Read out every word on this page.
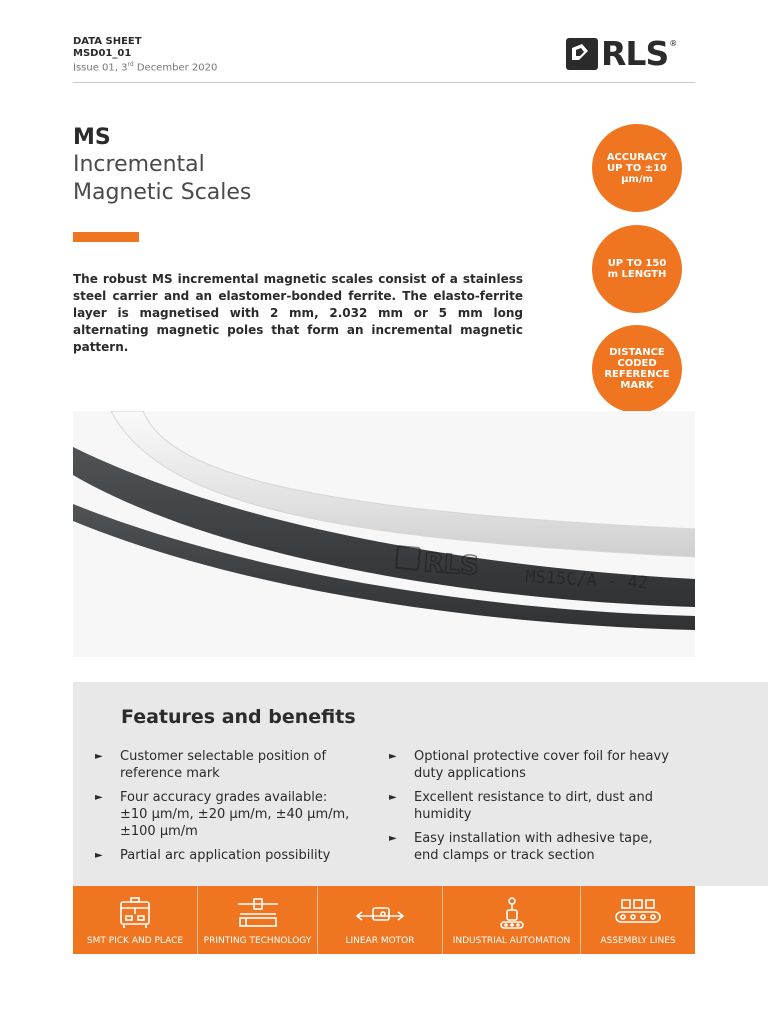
DATA SHEET
MSD01_01
Issue 01, 3rd December 2020	RLS ®
MS
Incremental
Magnetic Scales

The robust MS incremental magnetic scales consist of a stainless steel carrier and an elastomer-bonded ferrite. The elasto-ferrite layer is magnetised with 2 mm, 2.032 mm or 5 mm long alternating magnetic poles that form an incremental magnetic pattern.

ACCURACY UP TO ±10 µm/m
UP TO 150 m LENGTH
DISTANCE CODED REFERENCE MARK
RLS	MS15C/A - 42
Features and benefits
► Customer selectable position of reference mark
► Four accuracy grades available: ±10 µm/m, ±20 µm/m, ±40 µm/m, ±100 µm/m
► Partial arc application possibility
► Optional protective cover foil for heavy duty applications
► Excellent resistance to dirt, dust and humidity
► Easy installation with adhesive tape, end clamps or track section
SMT PICK AND PLACE	PRINTING TECHNOLOGY	LINEAR MOTOR	INDUSTRIAL AUTOMATION	ASSEMBLY LINES
